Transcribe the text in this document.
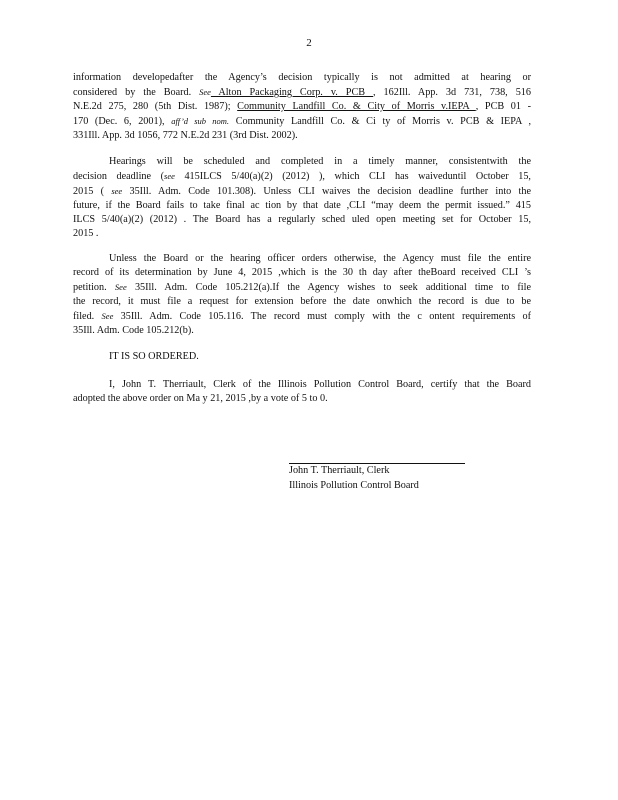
2

information developedafter the Agency’s decision typically is not admitted at hearing or
considered by the Board. See Alton Packaging Corp. v. PCB , 162Ill. App. 3d 731, 738, 516
N.E.2d 275, 280 (5th Dist. 1987); Community Landfill Co. & City of Morris v.IEPA , PCB 01 -
170 (Dec. 6, 2001), aff’d sub nom. Community Landfill Co. & Ci ty of Morris v. PCB & IEPA ,
331Ill. App. 3d 1056, 772 N.E.2d 231 (3rd Dist. 2002).

Hearings will be scheduled and completed in a timely manner, consistentwith the
decision deadline (see 415ILCS 5/40(a)(2) (2012) ), which CLI has waiveduntil October 15,
2015 ( see 35Ill. Adm. Code 101.308). Unless CLI waives the decision deadline further into the
future, if the Board fails to take final ac tion by that date ,CLI “may deem the permit issued.” 415
ILCS 5/40(a)(2) (2012) . The Board has a regularly sched uled open meeting set for October 15,
2015 .

Unless the Board or the hearing officer orders otherwise, the Agency must file the entire
record of its determination by June 4, 2015 ,which is the 30 th day after theBoard received CLI ’s
petition. See 35Ill. Adm. Code 105.212(a).If the Agency wishes to seek additional time to file
the record, it must file a request for extension before the date onwhich the record is due to be
filed. See 35Ill. Adm. Code 105.116. The record must comply with the c ontent requirements of
35Ill. Adm. Code 105.212(b).

IT IS SO ORDERED.

I, John T. Therriault, Clerk of the Illinois Pollution Control Board, certify that the Board
adopted the above order on Ma y 21, 2015 ,by a vote of 5 to 0.

John T. Therriault, Clerk
Illinois Pollution Control Board
